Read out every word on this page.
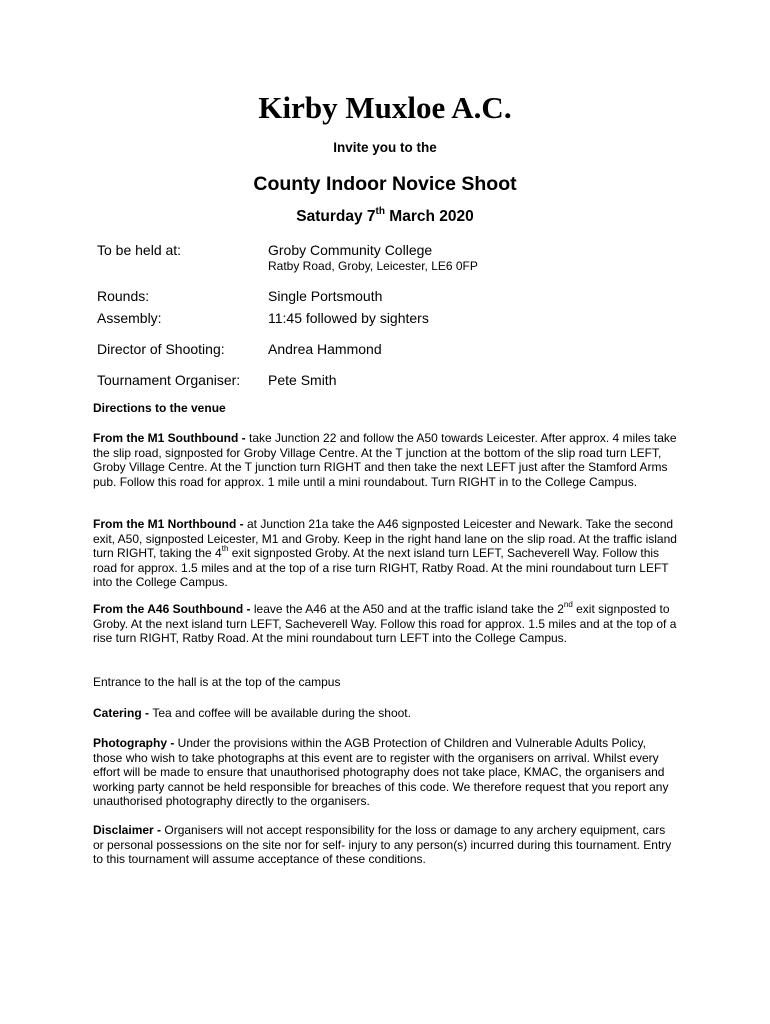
Kirby Muxloe A.C.
Invite you to the
County Indoor Novice Shoot
Saturday 7th March 2020
To be held at:	Groby Community College
Ratby Road, Groby, Leicester, LE6 0FP
Rounds:	Single Portsmouth
Assembly:	11:45 followed by sighters
Director of Shooting:	Andrea Hammond
Tournament Organiser: Pete Smith
Directions to the venue

From the M1 Southbound - take Junction 22 and follow the A50 towards Leicester. After approx. 4 miles take the slip road, signposted for Groby Village Centre. At the T junction at the bottom of the slip road turn LEFT, Groby Village Centre. At the T junction turn RIGHT and then take the next LEFT just after the Stamford Arms pub. Follow this road for approx. 1 mile until a mini roundabout. Turn RIGHT in to the College Campus.

From the M1 Northbound - at Junction 21a take the A46 signposted Leicester and Newark. Take the second exit, A50, signposted Leicester, M1 and Groby. Keep in the right hand lane on the slip road. At the traffic island turn RIGHT, taking the 4th exit signposted Groby. At the next island turn LEFT, Sacheverell Way. Follow this road for approx. 1.5 miles and at the top of a rise turn RIGHT, Ratby Road. At the mini roundabout turn LEFT into the College Campus.

From the A46 Southbound - leave the A46 at the A50 and at the traffic island take the 2nd exit signposted to Groby. At the next island turn LEFT, Sacheverell Way. Follow this road for approx. 1.5 miles and at the top of a rise turn RIGHT, Ratby Road. At the mini roundabout turn LEFT into the College Campus.

Entrance to the hall is at the top of the campus

Catering - Tea and coffee will be available during the shoot.

Photography - Under the provisions within the AGB Protection of Children and Vulnerable Adults Policy, those who wish to take photographs at this event are to register with the organisers on arrival. Whilst every effort will be made to ensure that unauthorised photography does not take place, KMAC, the organisers and working party cannot be held responsible for breaches of this code. We therefore request that you report any unauthorised photography directly to the organisers.

Disclaimer - Organisers will not accept responsibility for the loss or damage to any archery equipment, cars or personal possessions on the site nor for self- injury to any person(s) incurred during this tournament. Entry to this tournament will assume acceptance of these conditions.
